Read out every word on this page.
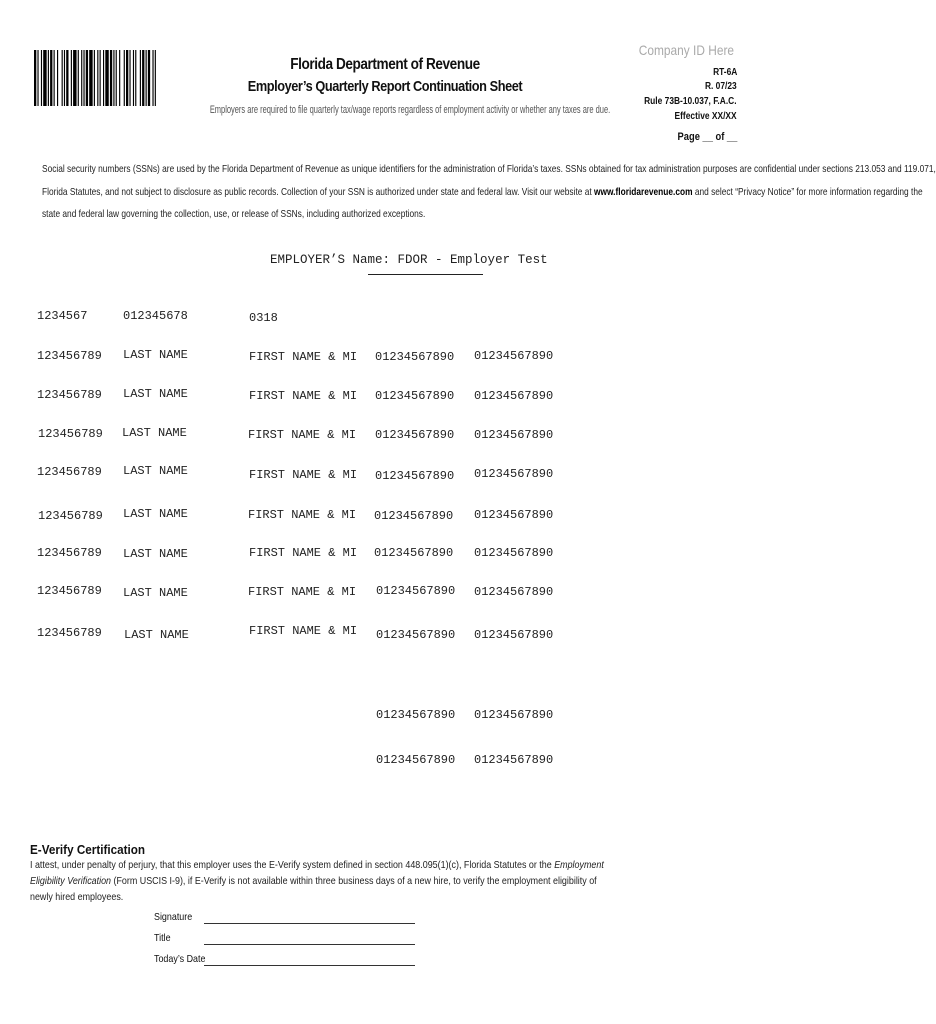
Florida Department of Revenue
Employer’s Quarterly Report Continuation Sheet
Employers are required to file quarterly tax/wage reports regardless of employment activity or whether any taxes are due.
Company ID Here
RT-6A
R. 07/23
Rule 73B-10.037, F.A.C.
Effective XX/XX
Page __ of __
Social security numbers (SSNs) are used by the Florida Department of Revenue as unique identifiers for the administration of Florida’s taxes. SSNs obtained for tax administration purposes are confidential under sections 213.053 and 119.071,
Florida Statutes, and not subject to disclosure as public records. Collection of your SSN is authorized under state and federal law. Visit our website at www.floridarevenue.com and select “Privacy Notice” for more information regarding the
state and federal law governing the collection, use, or release of SSNs, including authorized exceptions.
EMPLOYER’S Name: FDOR - Employer Test
1234567	012345678	0318
123456789 LAST NAME	FIRST NAME & MI 01234567890 01234567890
123456789 LAST NAME	FIRST NAME & MI 01234567890 01234567890
123456789 LAST NAME	FIRST NAME & MI 01234567890 01234567890
123456789 LAST NAME	FIRST NAME & MI 01234567890 01234567890
123456789 LAST NAME	FIRST NAME & MI 01234567890 01234567890
123456789 LAST NAME	FIRST NAME & MI 01234567890 01234567890
123456789 LAST NAME	FIRST NAME & MI 01234567890 01234567890
123456789 LAST NAME	FIRST NAME & MI 01234567890 01234567890
01234567890 01234567890
01234567890 01234567890
E-Verify Certification
I attest, under penalty of perjury, that this employer uses the E-Verify system defined in section 448.095(1)(c), Florida Statutes or the Employment
Eligibility Verification (Form USCIS I-9), if E-Verify is not available within three business days of a new hire, to verify the employment eligibility of
newly hired employees.
Signature
Title
Today’s Date
